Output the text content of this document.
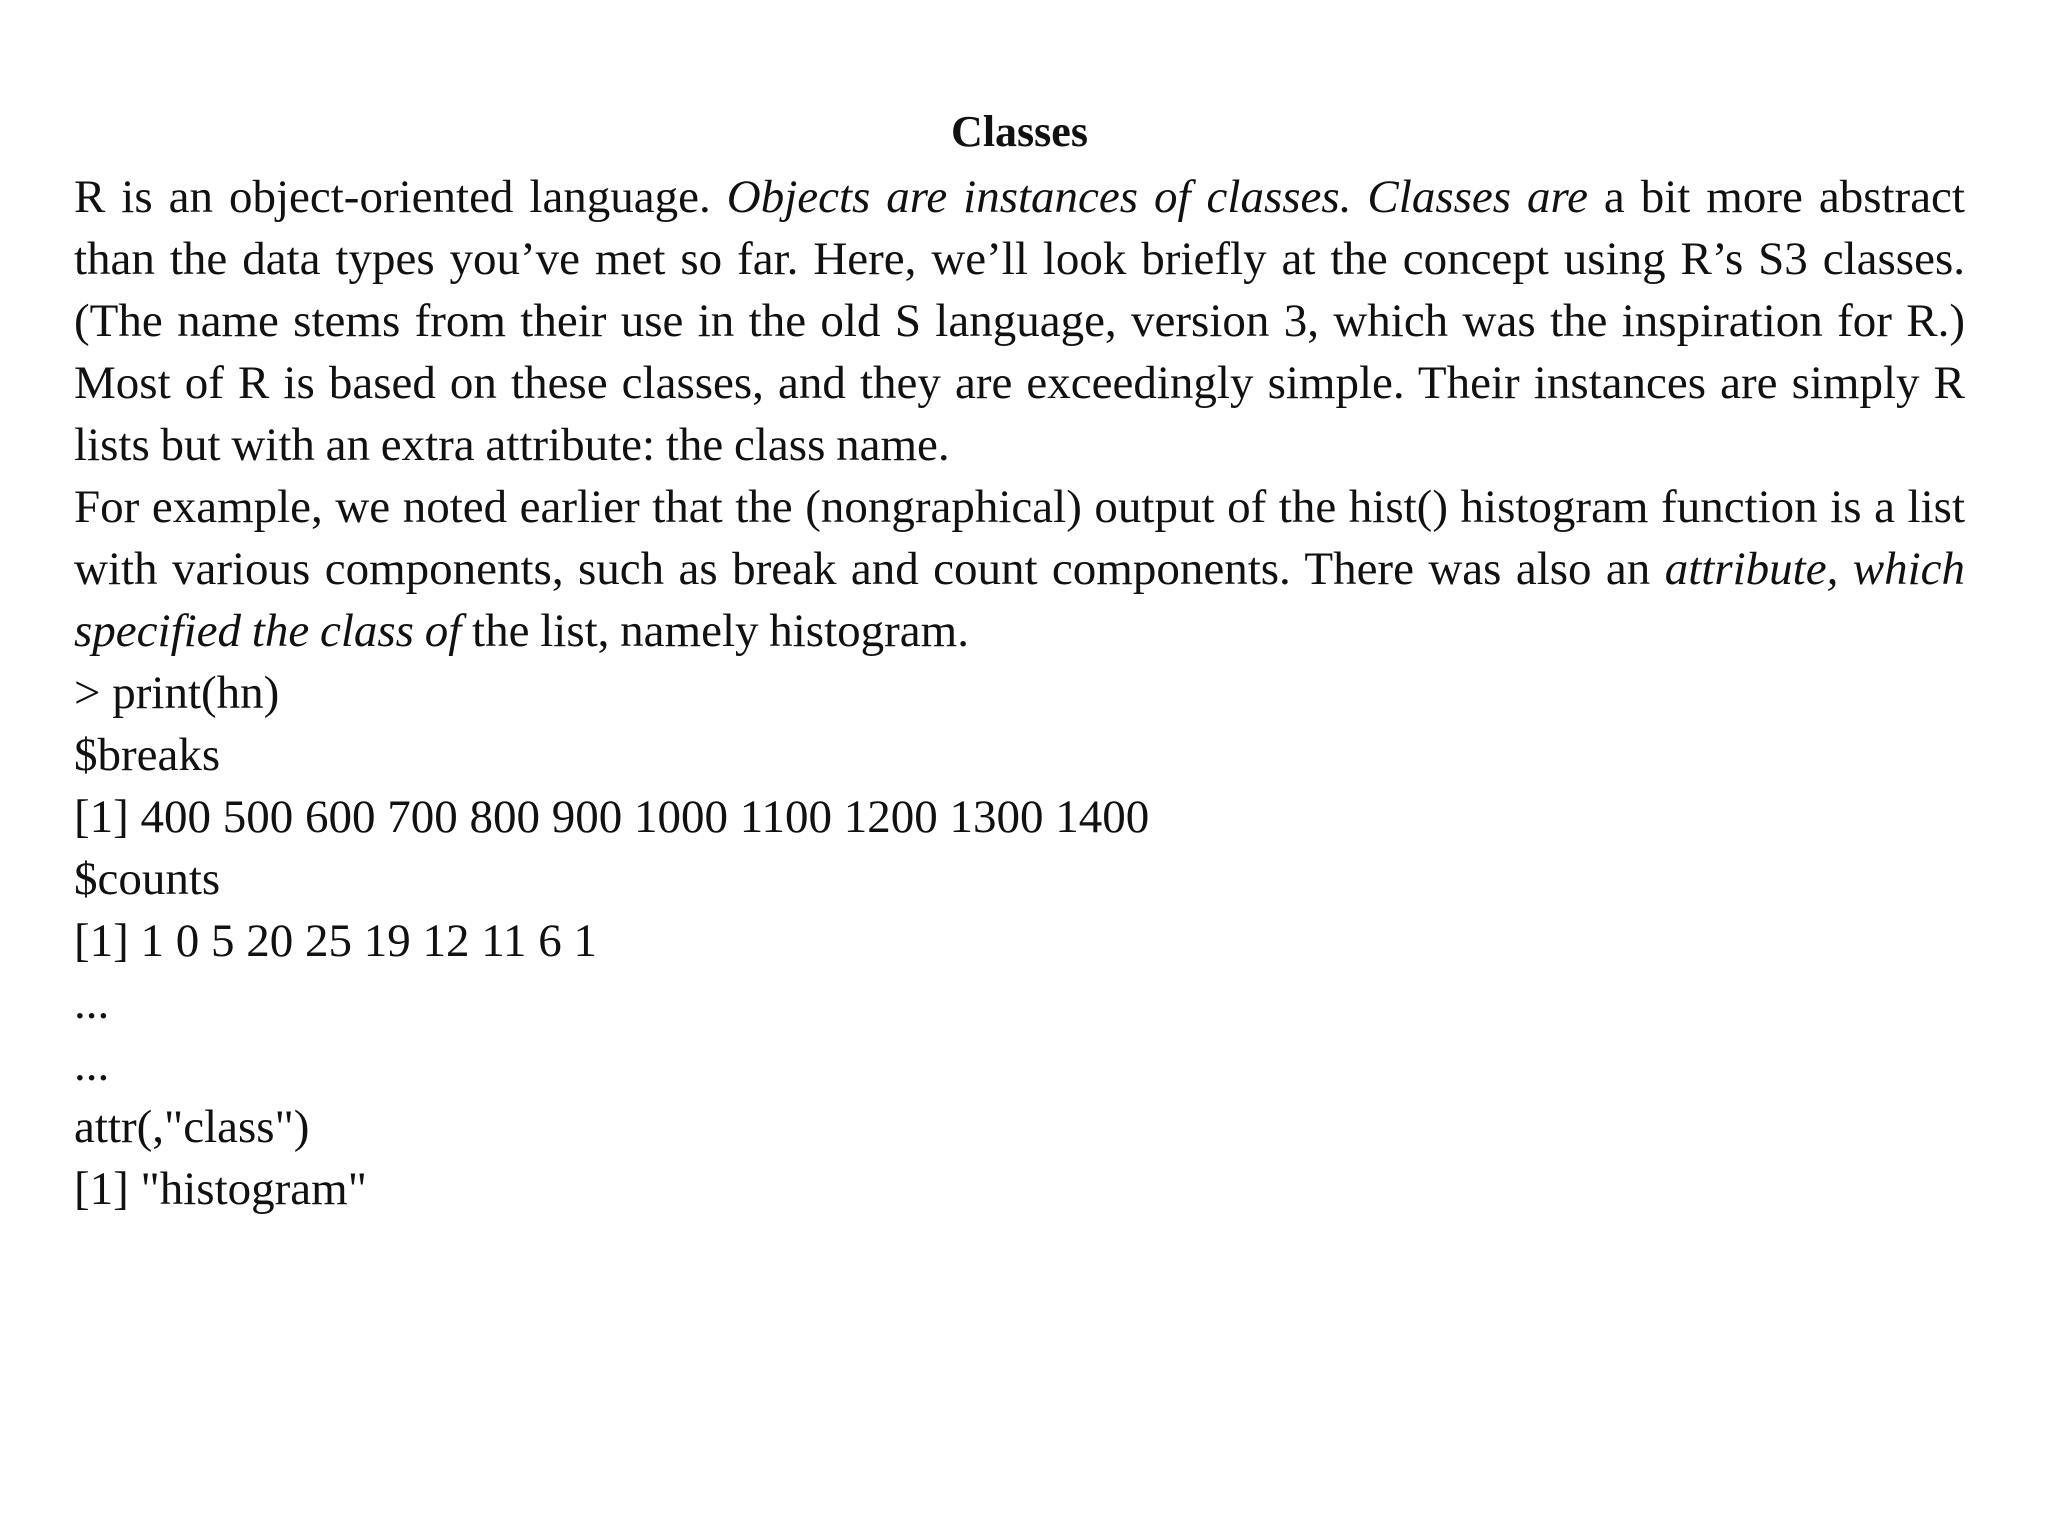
Classes

R is an object-oriented language. Objects are instances of classes. Classes are a bit more abstract than the data types you’ve met so far. Here, we’ll look briefly at the concept using R’s S3 classes. (The name stems from their use in the old S language, version 3, which was the inspiration for R.) Most of R is based on these classes, and they are exceedingly simple. Their instances are simply R lists but with an extra attribute: the class name.

For example, we noted earlier that the (nongraphical) output of the hist() histogram function is a list with various components, such as break and count components. There was also an attribute, which specified the class of the list, namely histogram.

> print(hn)
$breaks
[1] 400 500 600 700 800 900 1000 1100 1200 1300 1400
$counts
[1] 1 0 5 20 25 19 12 11 6 1
...
...
attr(,"class")
[1] "histogram"
